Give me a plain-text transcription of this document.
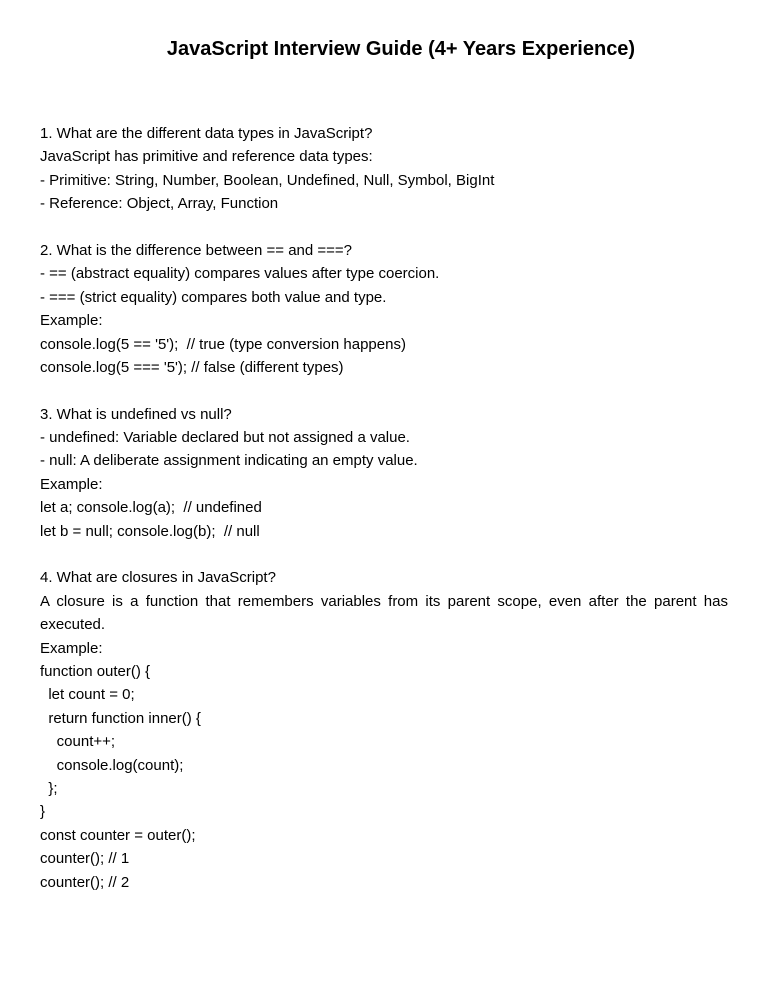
JavaScript Interview Guide (4+ Years Experience)
1. What are the different data types in JavaScript?
JavaScript has primitive and reference data types:
- Primitive: String, Number, Boolean, Undefined, Null, Symbol, BigInt
- Reference: Object, Array, Function
2. What is the difference between == and ===?
- == (abstract equality) compares values after type coercion.
- === (strict equality) compares both value and type.
Example:
console.log(5 == '5');  // true (type conversion happens)
console.log(5 === '5'); // false (different types)
3. What is undefined vs null?
- undefined: Variable declared but not assigned a value.
- null: A deliberate assignment indicating an empty value.
Example:
let a; console.log(a);  // undefined
let b = null; console.log(b);  // null
4. What are closures in JavaScript?
A closure is a function that remembers variables from its parent scope, even after the parent has
executed.
Example:
function outer() {
let count = 0;
return function inner() {
count++;
console.log(count);
};
}
const counter = outer();
counter(); // 1
counter(); // 2
